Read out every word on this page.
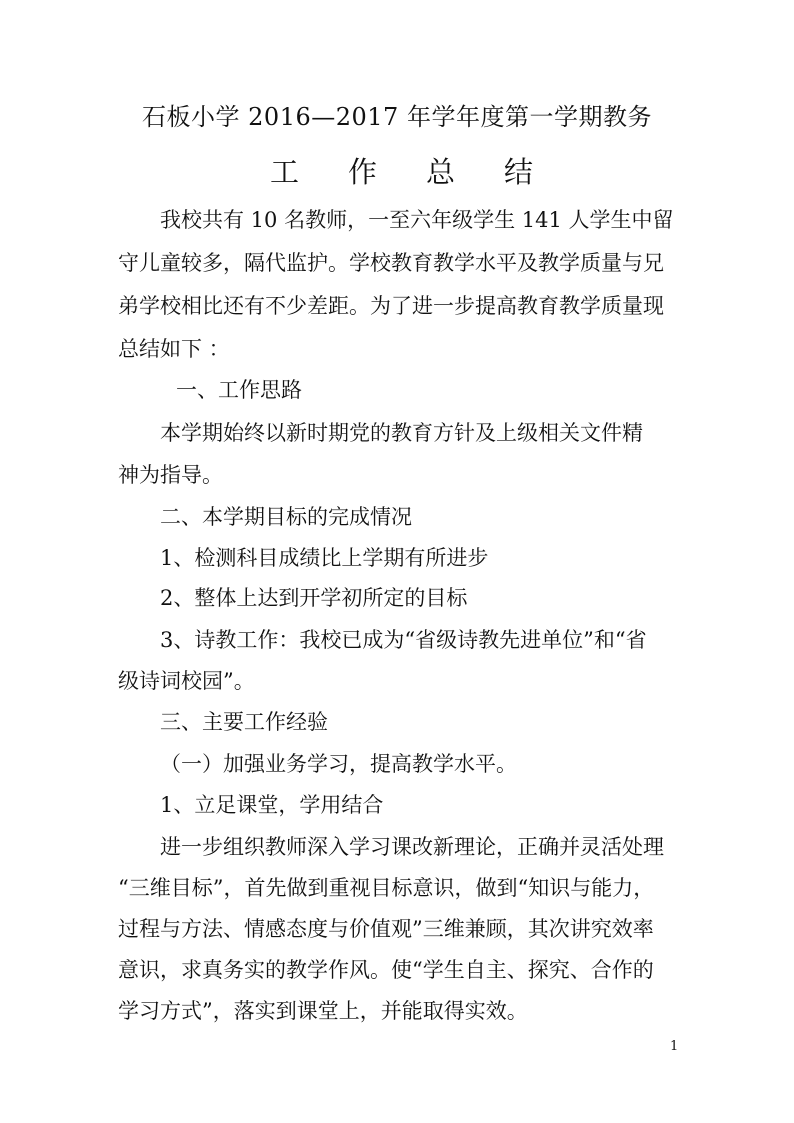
石板小学 2016—2017 年学年度第一学期教务
工 作 总 结
我校共有 10 名教师，一至六年级学生 141 人学生中留
守儿童较多，隔代监护。学校教育教学水平及教学质量与兄
弟学校相比还有不少差距。为了进一步提高教育教学质量现
总结如下 ：
一、工作思路
本学期始终以新时期党的教育方针及上级相关文件精
神为指导。
二、本学期目标的完成情况
1、检测科目成绩比上学期有所进步
2、整体上达到开学初所定的目标
3、诗教工作：我校已成为“省级诗教先进单位”和“省
级诗词校园”。
三、主要工作经验
（一）加强业务学习，提高教学水平。
1、立足课堂，学用结合
进一步组织教师深入学习课改新理论，正确并灵活处理
“三维目标”，首先做到重视目标意识，做到“知识与能力，
过程与方法、情感态度与价值观”三维兼顾，其次讲究效率
意识，求真务实的教学作风。使“学生自主、探究、合作的
学习方式”，落实到课堂上，并能取得实效。
1
